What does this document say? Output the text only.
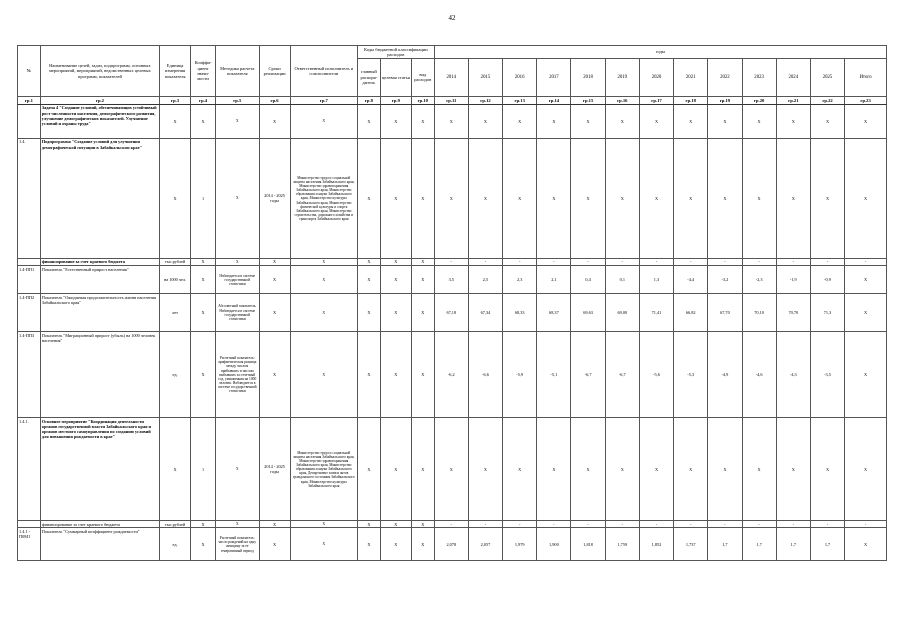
42
№	Наименование целей, задач, подпрограмм, основных мероприятий, мероприятий, ведомственных целевых программ, показателей	Единица измерения показателя	Коэффи-циент значи-мости	Методика расчета показателя	Сроки реализации	Ответственный исполнитель и соисполнители	Коды бюджетной классификации расходов			годы												
							главный распоря-дитель	целевая статья	вид расходов	2014	2015	2016	2017	2018	2019	2020	2021	2022	2023	2024	2025	Итого
гр.1	гр.2	гр.3	гр.4	гр.5	гр.6	гр.7	гр.8	гр.9	гр.10	гр.11	гр.12	гр.13	гр.14	гр.15	гр.16	гр.17	гр.18	гр.19	гр.20	гр.21	гр.22	гр.23
	Задача 4 "Создание условий, обеспечивающих устойчивый рост численности населения, демографического развития, улучшение демографических показателей. Улучшение условий и охраны труда"	X	X	X	X	X	X	X	X	X	X	X	X	X	X	X	X	X	X	X	X	X
1.4.	Подпрограмма "Создание условий для улучшения демографической ситуации в Забайкальском крае"	X	1	X	2014 - 2025 годы	Министерство труда и социальной защиты населения Забайкальского края, Министерство здравоохранения Забайкальского края, Министерство образования и науки Забайкальского края, Министерство культуры Забайкальского края, Министерство физической культуры и спорта Забайкальского края, Министерство строительства, дорожного хозяйства и транспорта Забайкальского края	X	X	X	X	X	X	X	X	X	X	X	X	X	X	X	X
	финансирование за счет краевого бюджета	тыс.рублей	X	X	X	X	X	X	X	-	-	-	-	-	-	-	-	-	-	-	-	-
1.4-ПП1	Показатель "Естественный прирост населения"	на 1000 чел.	X	Наблюдается в системе государственной статистики	X	X	X	X	X	3,5	2,5	2,3	2,1	0,4	0,1	1,3	-4,4	-3,2	-2,3	-1,9	-0,9	X
1.4-ПП2	Показатель "Ожидаемая продолжительность жизни населения Забайкальского края"	лет	X	Абсолютный показатель. Наблюдается в системе государственной статистики	X	X	X	X	X	67,18	67,34	68,33	68,37	69,63	69,00	71,41	66,82	67,70	70,10	70,70	71,3	X
1.4-ПП3	Показатель "Миграционный прирост (убыль) на 1000 человек населения"	ед.	X	Расчетный показатель: арифметическая разница между числом прибывших и числом выбывших за отчетный год, умноженная на 1000 человек. Наблюдается в системе государственной статистики	X	X	X	X	X	-6,2	-6,6	-5,9	-5,1	-6,7	-6,7	-5,6	-5,3	-4,9	-4,6	-4,3	-3,5	X
1.4.1.	Основное мероприятие "Координация деятельности органов государственной власти Забайкальского края и органов местного самоуправления по созданию условий для повышения рождаемости в крае"	X	1	X	2014 - 2025 годы	Министерство труда и социальной защиты населения Забайкальского края, Министерство здравоохранения Забайкальского края, Министерство образования и науки Забайкальского края, Департамент записи актов гражданского состояния Забайкальского края, Министерство культуры Забайкальского края	X	X	X	X	X	X	X	X	X	X	X	X	X	X	X	X
	финансирование за счет краевого бюджета	тыс.рублей	X	X	X	X	X	X	X	-	-	-	-	-	-	-	-	-	-	-	-	-
1.4.1 - П0М1	Показатель "Суммарный коэффициент рождаемости"	ед.	X	Расчетный показатель: число рождений на одну женщину за ее генеративный период	X	X	X	X	X	2,078	2,057	1,979	1,900	1,818	1,759	1,852	1,737	1,7	1,7	1,7	1,7	X
